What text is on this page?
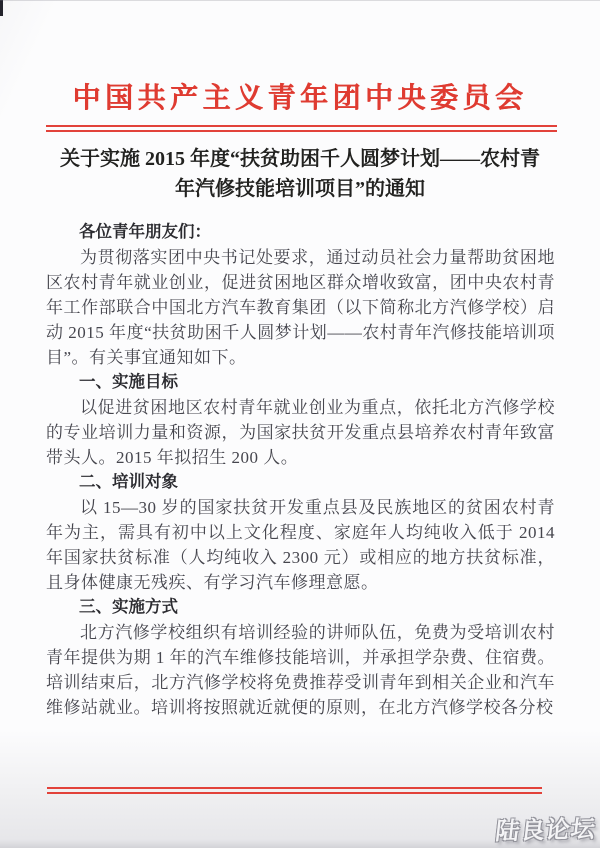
中国共产主义青年团中央委员会
关于实施 2015 年度“扶贫助困千人圆梦计划——农村青
年汽修技能培训项目”的通知

各位青年朋友们：

为贯彻落实团中央书记处要求，通过动员社会力量帮助贫困地区农村青年就业创业，促进贫困地区群众增收致富，团中央农村青年工作部联合中国北方汽车教育集团（以下简称北方汽修学校）启动 2015 年度“扶贫助困千人圆梦计划——农村青年汽修技能培训项目”。有关事宜通知如下。

一、实施目标

以促进贫困地区农村青年就业创业为重点，依托北方汽修学校的专业培训力量和资源，为国家扶贫开发重点县培养农村青年致富带头人。2015 年拟招生 200 人。

二、培训对象

以 15—30 岁的国家扶贫开发重点县及民族地区的贫困农村青年为主，需具有初中以上文化程度、家庭年人均纯收入低于 2014 年国家扶贫标准（人均纯收入 2300 元）或相应的地方扶贫标准，且身体健康无残疾、有学习汽车修理意愿。

三、实施方式

北方汽修学校组织有培训经验的讲师队伍，免费为受培训农村青年提供为期 1 年的汽车维修技能培训，并承担学杂费、住宿费。培训结束后，北方汽修学校将免费推荐受训青年到相关企业和汽车维修站就业。培训将按照就近就便的原则，在北方汽修学校各分校

陆良论坛
